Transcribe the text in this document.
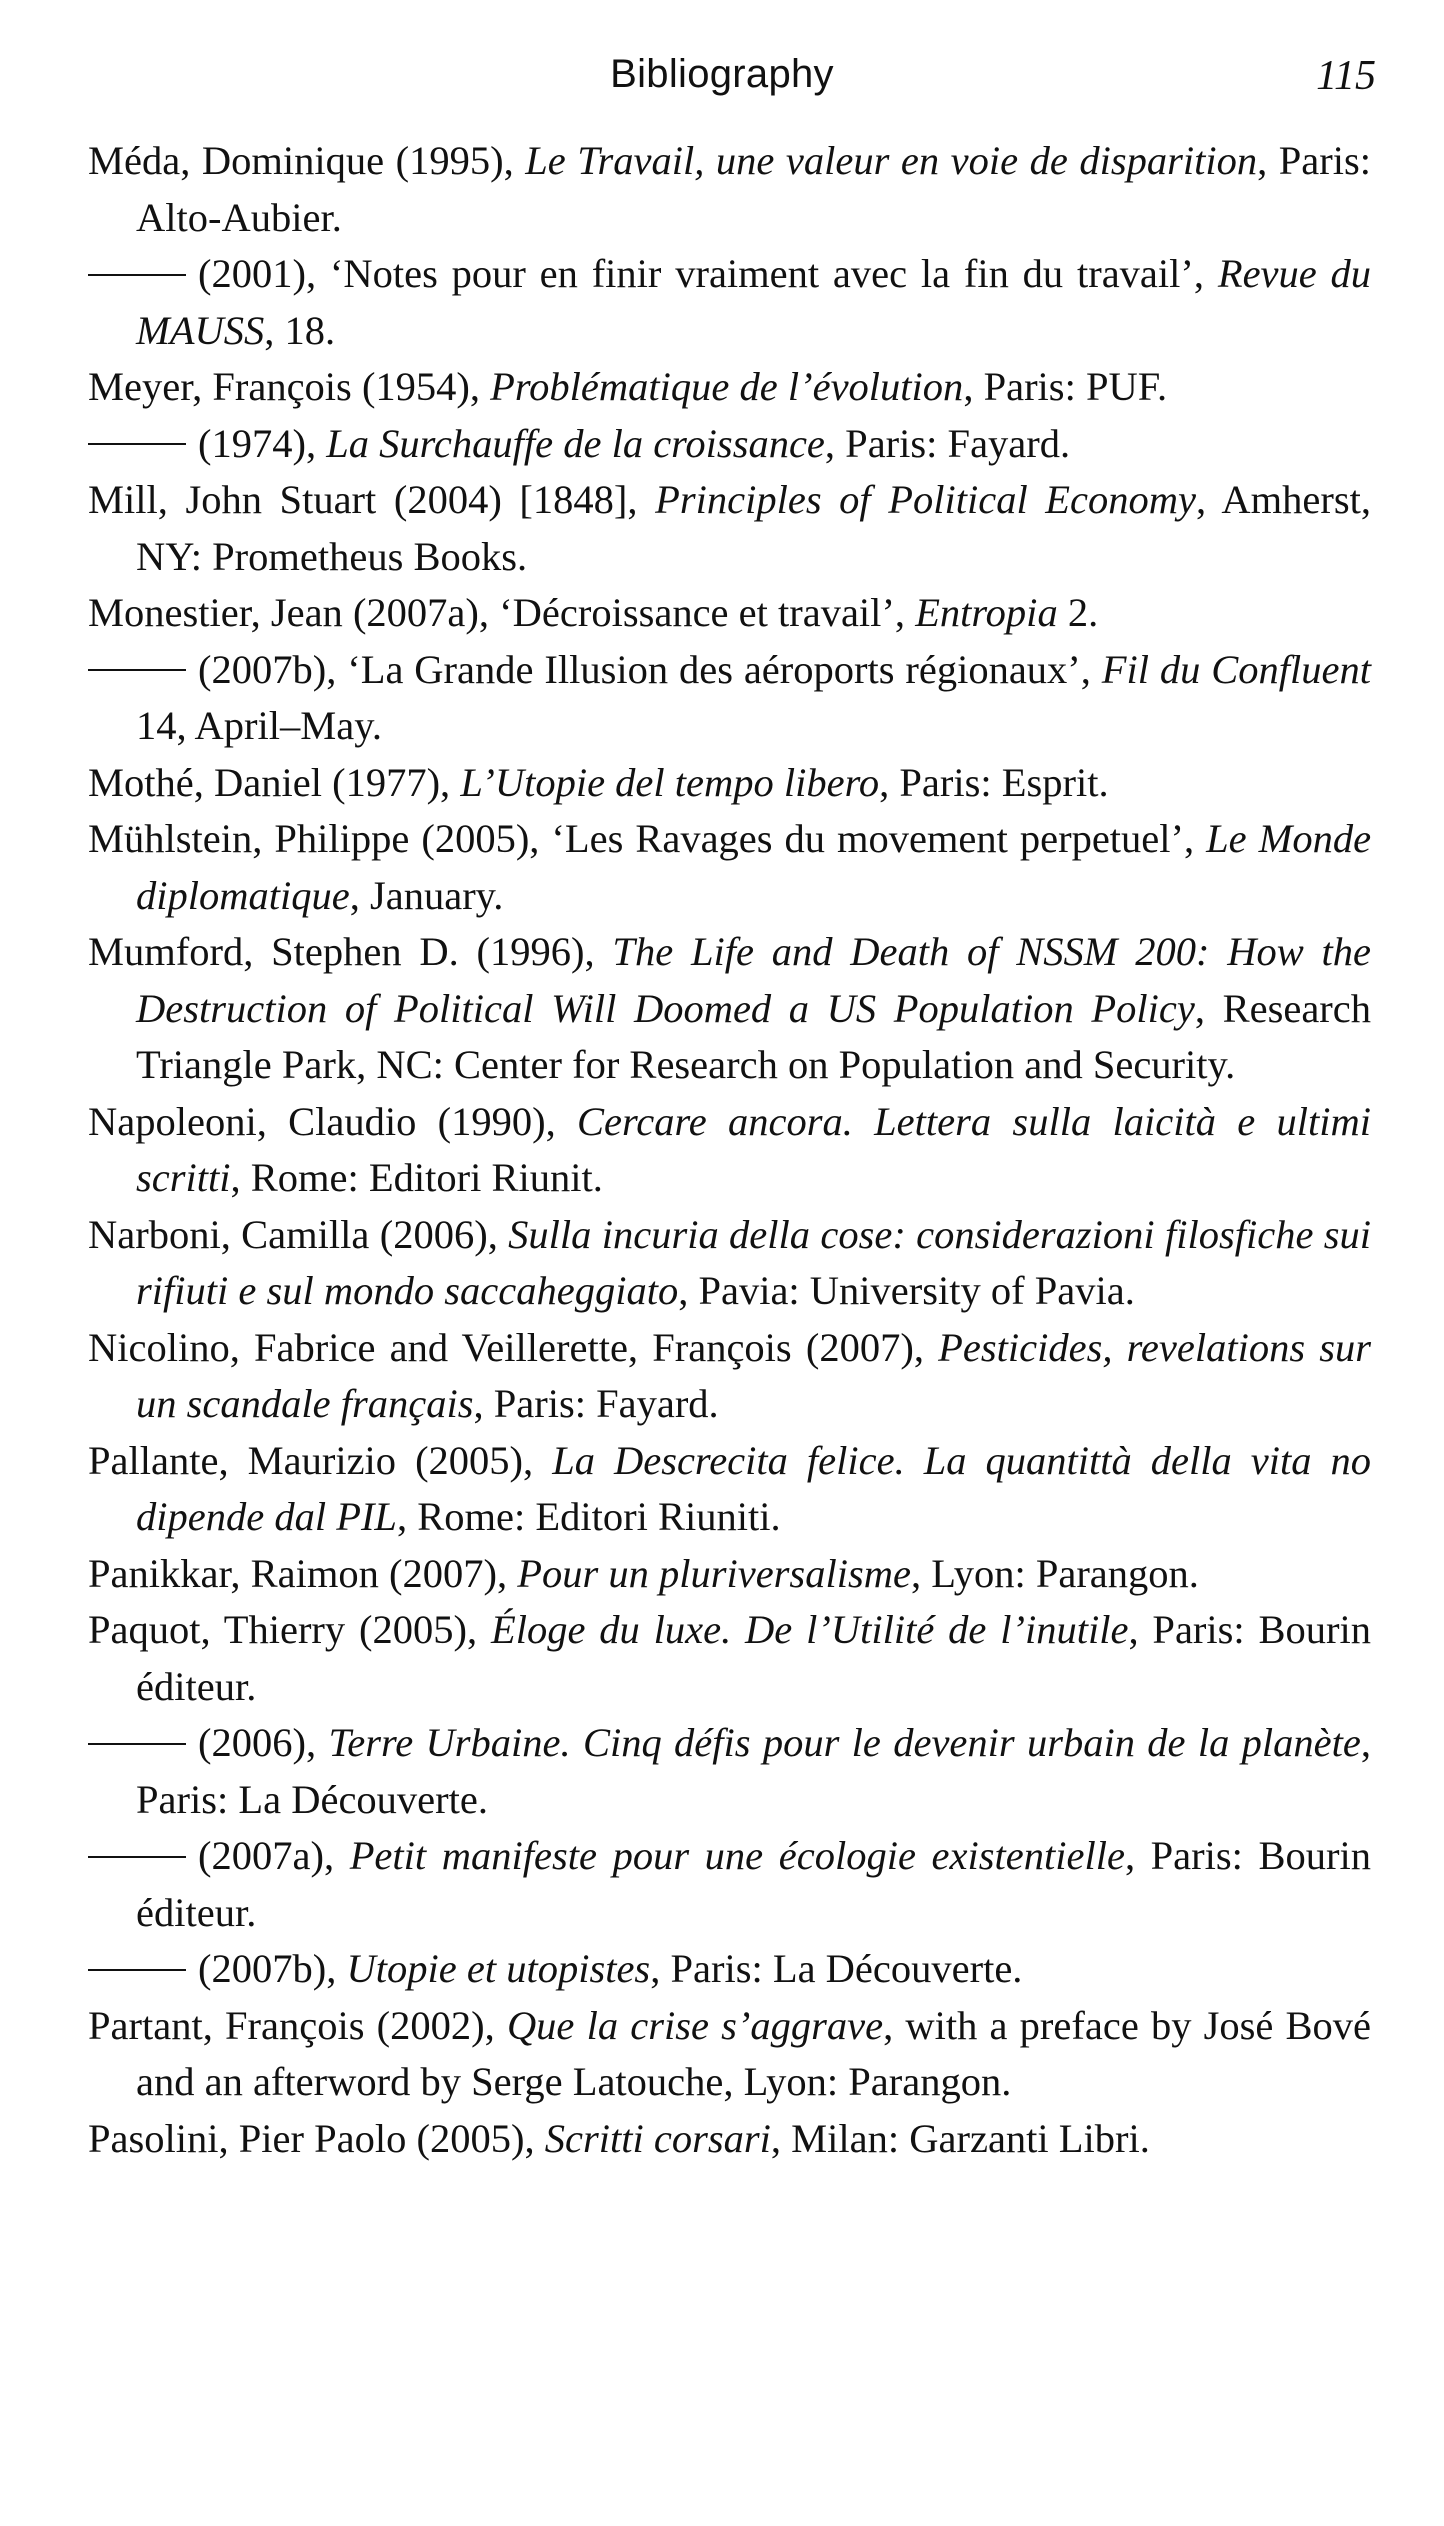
Bibliography	115
Méda, Dominique (1995), Le Travail, une valeur en voie de disparition, Paris: Alto-Aubier.
(2001), ‘Notes pour en finir vraiment avec la fin du travail’, Revue du MAUSS, 18.
Meyer, François (1954), Problématique de l’évolution, Paris: PUF.
(1974), La Surchauffe de la croissance, Paris: Fayard.
Mill, John Stuart (2004) [1848], Principles of Political Economy, Amherst, NY: Prometheus Books.
Monestier, Jean (2007a), ‘Décroissance et travail’, Entropia 2.
(2007b), ‘La Grande Illusion des aéroports régionaux’, Fil du Confluent 14, April–May.
Mothé, Daniel (1977), L’Utopie del tempo libero, Paris: Esprit.
Mühlstein, Philippe (2005), ‘Les Ravages du movement perpetuel’, Le Monde diplomatique, January.
Mumford, Stephen D. (1996), The Life and Death of NSSM 200: How the Destruction of Political Will Doomed a US Population Policy, Research Triangle Park, NC: Center for Research on Population and Security.
Napoleoni, Claudio (1990), Cercare ancora. Lettera sulla laicità e ultimi scritti, Rome: Editori Riunit.
Narboni, Camilla (2006), Sulla incuria della cose: considerazioni filosfiche sui rifiuti e sul mondo saccaheggiato, Pavia: University of Pavia.
Nicolino, Fabrice and Veillerette, François (2007), Pesticides, revelations sur un scandale français, Paris: Fayard.
Pallante, Maurizio (2005), La Descrecita felice. La quantittà della vita no dipende dal PIL, Rome: Editori Riuniti.
Panikkar, Raimon (2007), Pour un pluriversalisme, Lyon: Parangon.
Paquot, Thierry (2005), Éloge du luxe. De l’Utilité de l’inutile, Paris: Bourin éditeur.
(2006), Terre Urbaine. Cinq défis pour le devenir urbain de la planète, Paris: La Découverte.
(2007a), Petit manifeste pour une écologie existentielle, Paris: Bourin éditeur.
(2007b), Utopie et utopistes, Paris: La Découverte.
Partant, François (2002), Que la crise s’aggrave, with a preface by José Bové and an afterword by Serge Latouche, Lyon: Parangon.
Pasolini, Pier Paolo (2005), Scritti corsari, Milan: Garzanti Libri.
